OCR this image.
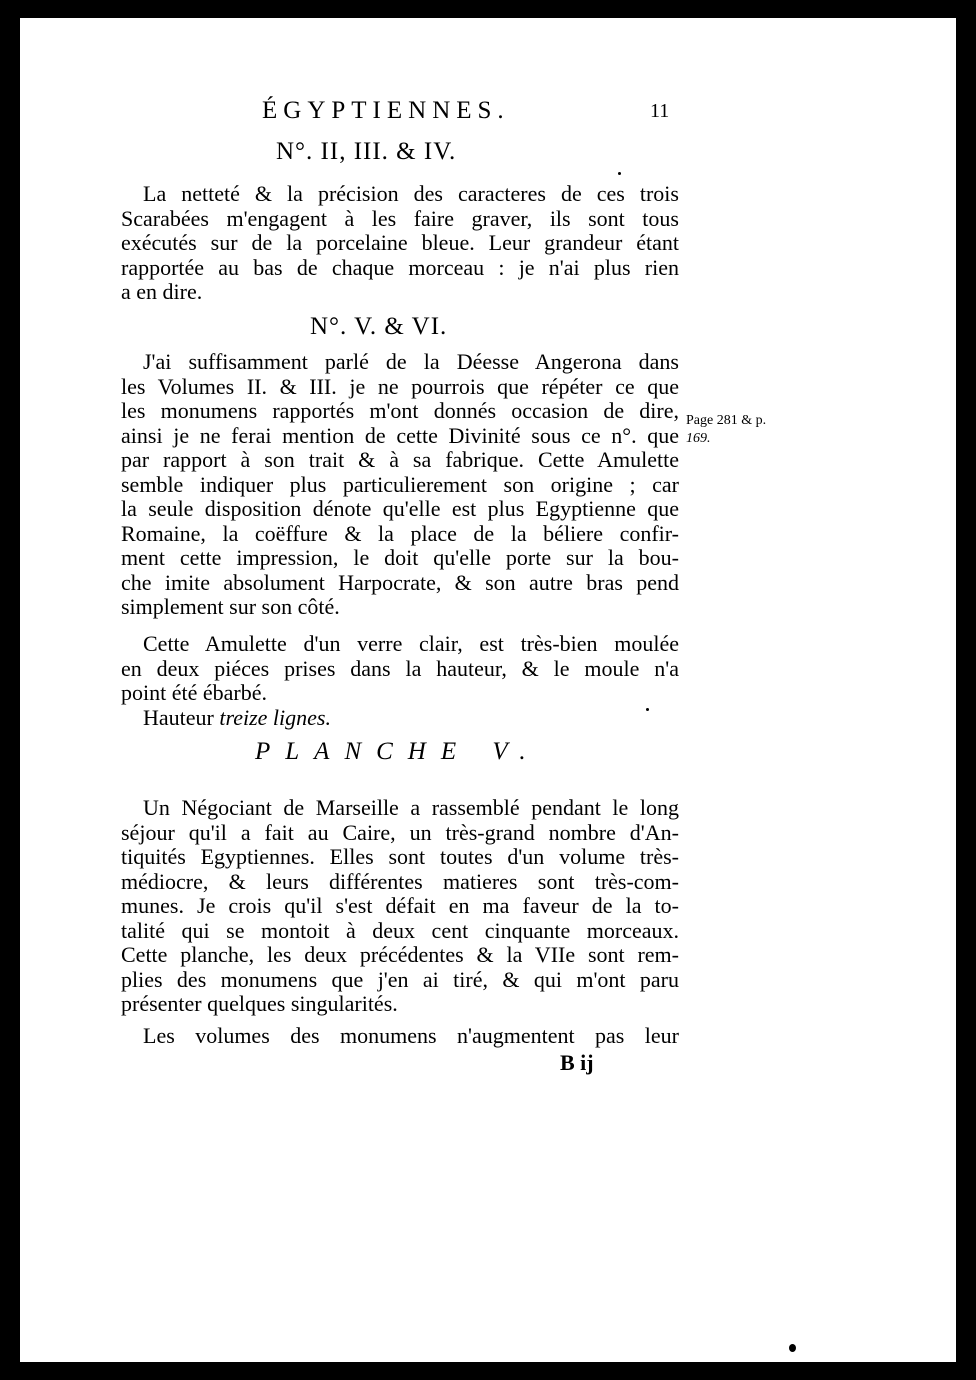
ÉGYPTIENNES.	11
N°. II, III. & IV.
La netteté & la précision des caracteres de ces trois
Scarabées m'engagent à les faire graver, ils sont tous
exécutés sur de la porcelaine bleue. Leur grandeur étant
rapportée au bas de chaque morceau : je n'ai plus rien
a en dire.
N°. V. & VI.
J'ai suffisamment parlé de la Déesse Angerona dans
les Volumes II. & III. je ne pourrois que répéter ce que
les monumens rapportés m'ont donnés occasion de dire,
ainsi je ne ferai mention de cette Divinité sous ce n°. que
par rapport à son trait & à sa fabrique. Cette Amulette
semble indiquer plus particulierement son origine ; car
la seule disposition dénote qu'elle est plus Egyptienne que
Romaine, la coëffure & la place de la béliere confir-
ment cette impression, le doit qu'elle porte sur la bou-
che imite absolument Harpocrate, & son autre bras pend
simplement sur son côté.
Cette Amulette d'un verre clair, est très-bien moulée
en deux piéces prises dans la hauteur, & le moule n'a
point été ébarbé.
Hauteur treize lignes.
PLANCHE V.
Un Négociant de Marseille a rassemblé pendant le long
séjour qu'il a fait au Caire, un très-grand nombre d'An-
tiquités Egyptiennes. Elles sont toutes d'un volume très-
médiocre, & leurs différentes matieres sont très-com-
munes. Je crois qu'il s'est défait en ma faveur de la to-
talité qui se montoit à deux cent cinquante morceaux.
Cette planche, les deux précédentes & la VIIe sont rem-
plies des monumens que j'en ai tiré, & qui m'ont paru
présenter quelques singularités.
Les volumes des monumens n'augmentent pas leur
B ij
Page 281 & p.
169.
